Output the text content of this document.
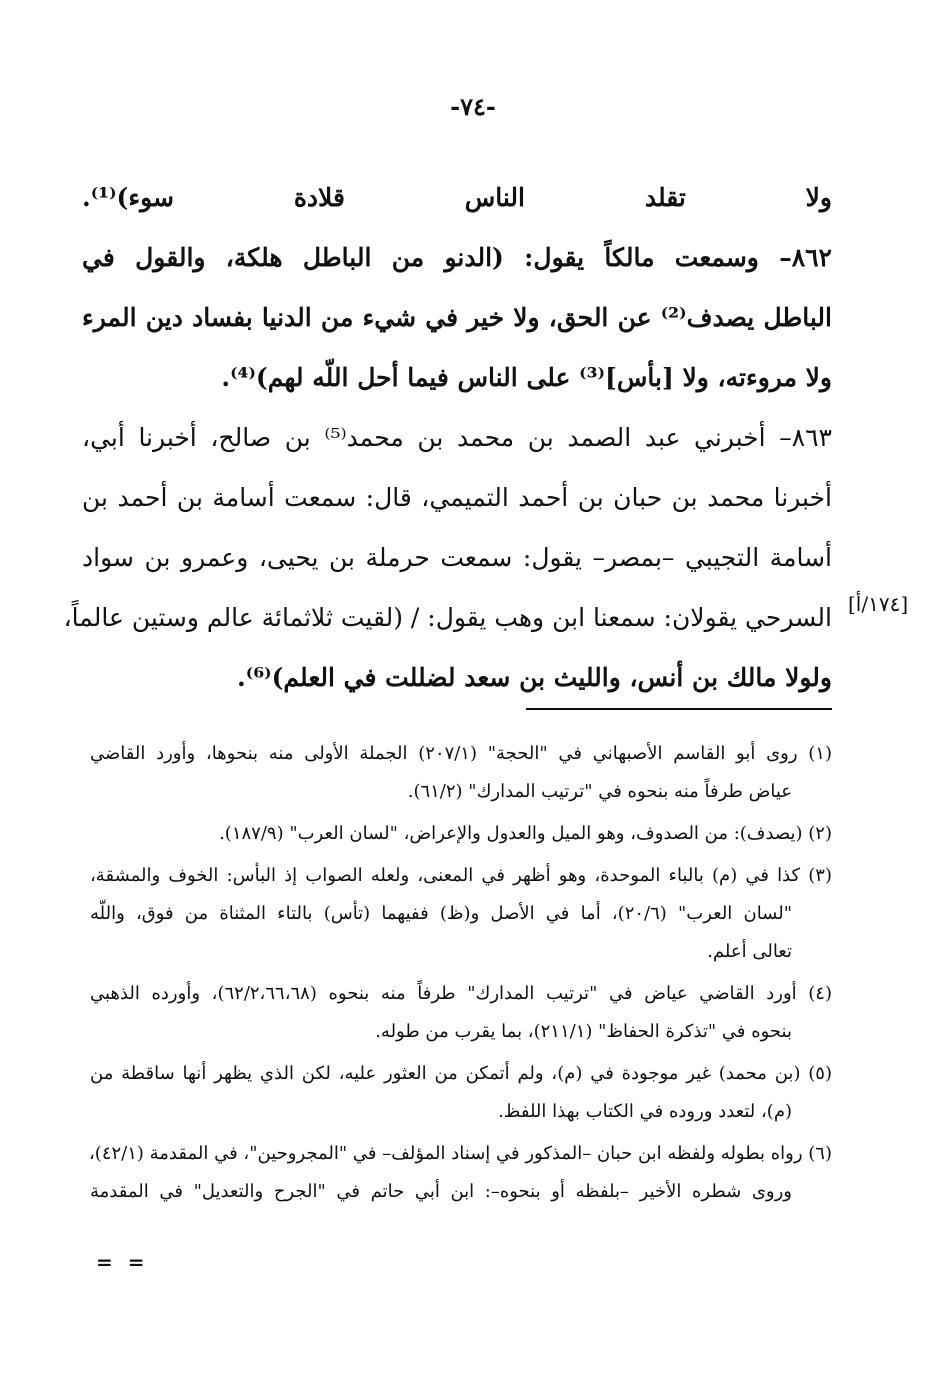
-٧٤-
ولا تقلد الناس قلادة سوء)⁽¹⁾.
٨٦٢– وسمعت مالكاً يقول: (الدنو من الباطل هلكة، والقول في
الباطل يصدف⁽²⁾ عن الحق، ولا خير في شيء من الدنيا بفساد دين المرء
ولا مروءته، ولا [بأس]⁽³⁾ على الناس فيما أحل اللّه لهم)⁽⁴⁾.
٨٦٣– أخبرني عبد الصمد بن محمد بن محمد⁽⁵⁾ بن صالح، أخبرنا أبي،
أخبرنا محمد بن حبان بن أحمد التميمي، قال: سمعت أسامة بن أحمد بن
أسامة التجيبي –بمصر– يقول: سمعت حرملة بن يحيى، وعمرو بن سواد
السرحي يقولان: سمعنا ابن وهب يقول: / (لقيت ثلاثمائة عالم وستين عالماً،
ولولا مالك بن أنس، والليث بن سعد لضللت في العلم)⁽⁶⁾.
[١٧٤/أ]
(١) روى أبو القاسم الأصبهاني في "الحجة" (٢٠٧/١) الجملة الأولى منه بنحوها، وأورد القاضي
عياض طرفاً منه بنحوه في "ترتيب المدارك" (٦١/٢).
(٢) (يصدف): من الصدوف، وهو الميل والعدول والإعراض، "لسان العرب" (١٨٧/٩).
(٣) كذا في (م) بالباء الموحدة، وهو أظهر في المعنى، ولعله الصواب إذ البأس: الخوف والمشقة،
"لسان العرب" (٢٠/٦)، أما في الأصل و(ظ) ففيهما (تأس) بالتاء المثناة من فوق، واللّه
تعالى أعلم.
(٤) أورد القاضي عياض في "ترتيب المدارك" طرفاً منه بنحوه (٦٢/٢،٦٦،٦٨)، وأورده الذهبي
بنحوه في "تذكرة الحفاظ" (٢١١/١)، بما يقرب من طوله.
(٥) (بن محمد) غير موجودة في (م)، ولم أتمكن من العثور عليه، لكن الذي يظهر أنها ساقطة من
(م)، لتعدد وروده في الكتاب بهذا اللفظ.
(٦) رواه بطوله ولفظه ابن حبان –المذكور في إسناد المؤلف– في "المجروحين"، في المقدمة (٤٢/١)،
وروى شطره الأخير –بلفظه أو بنحوه–: ابن أبي حاتم في "الجرح والتعديل" في المقدمة
= =
